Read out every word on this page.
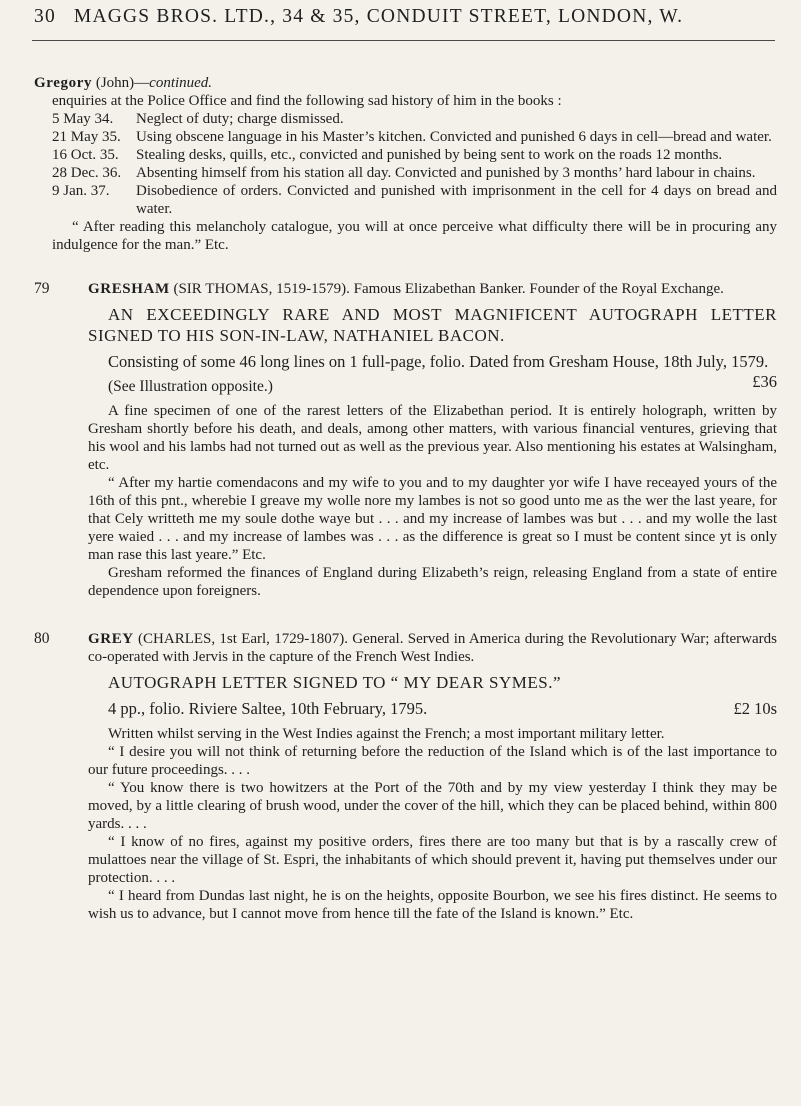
30 MAGGS BROS. LTD., 34 & 35, CONDUIT STREET, LONDON, W.

Gregory (John)—continued.

enquiries at the Police Office and find the following sad history of him in the books :

5 May 34.	Neglect of duty; charge dismissed.
21 May 35.	Using obscene language in his Master’s kitchen. Convicted and punished 6 days in cell—bread and water.
16 Oct. 35.	Stealing desks, quills, etc., convicted and punished by being sent to work on the roads 12 months.
28 Dec. 36.	Absenting himself from his station all day. Convicted and punished by 3 months’ hard labour in chains.
9 Jan. 37.	Disobedience of orders. Convicted and punished with imprisonment in the cell for 4 days on bread and water.

“ After reading this melancholy catalogue, you will at once perceive what difficulty there will be in procuring any indulgence for the man.” Etc.

79	GRESHAM (SIR THOMAS, 1519-1579). Famous Elizabethan Banker. Founder of the Royal Exchange.

AN EXCEEDINGLY RARE AND MOST MAGNIFICENT AUTOGRAPH LETTER SIGNED TO HIS SON-IN-LAW, NATHANIEL BACON.

Consisting of some 46 long lines on 1 full-page, folio. Dated from Gresham House, 18th July, 1579.
£36

(See Illustration opposite.)

A fine specimen of one of the rarest letters of the Elizabethan period. It is entirely holograph, written by Gresham shortly before his death, and deals, among other matters, with various financial ventures, grieving that his wool and his lambs had not turned out as well as the previous year. Also mentioning his estates at Walsingham, etc.

“ After my hartie comendacons and my wife to you and to my daughter yor wife I have receayed yours of the 16th of this pnt., wherebie I greave my wolle nore my lambes is not so good unto me as the wer the last yeare, for that Cely writteth me my soule dothe waye but . . . and my increase of lambes was but . . . and my wolle the last yere waied . . . and my increase of lambes was . . . as the difference is great so I must be content since yt is only man rase this last yeare.” Etc.

Gresham reformed the finances of England during Elizabeth’s reign, releasing England from a state of entire dependence upon foreigners.

80	GREY (CHARLES, 1st Earl, 1729-1807). General. Served in America during the Revolutionary War; afterwards co-operated with Jervis in the capture of the French West Indies.

AUTOGRAPH LETTER SIGNED TO “ MY DEAR SYMES.”

4 pp., folio. Riviere Saltee, 10th February, 1795.	£2 10s

Written whilst serving in the West Indies against the French; a most important military letter.

“ I desire you will not think of returning before the reduction of the Island which is of the last importance to our future proceedings. . . .

“ You know there is two howitzers at the Port of the 70th and by my view yesterday I think they may be moved, by a little clearing of brush wood, under the cover of the hill, which they can be placed behind, within 800 yards. . . .

“ I know of no fires, against my positive orders, fires there are too many but that is by a rascally crew of mulattoes near the village of St. Espri, the inhabitants of which should prevent it, having put themselves under our protection. . . .

“ I heard from Dundas last night, he is on the heights, opposite Bourbon, we see his fires distinct. He seems to wish us to advance, but I cannot move from hence till the fate of the Island is known.” Etc.
